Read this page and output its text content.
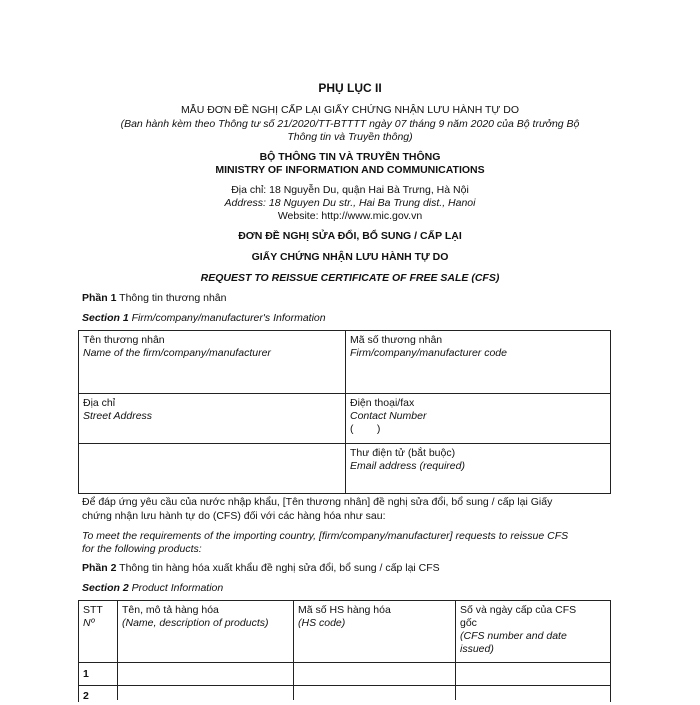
PHỤ LỤC II
MẪU ĐƠN ĐỀ NGHỊ CẤP LẠI GIẤY CHỨNG NHẬN LƯU HÀNH TỰ DO
(Ban hành kèm theo Thông tư số 21/2020/TT-BTTTT ngày 07 tháng 9 năm 2020 của Bộ trưởng Bộ
Thông tin và Truyền thông)
BỘ THÔNG TIN VÀ TRUYỀN THÔNG
MINISTRY OF INFORMATION AND COMMUNICATIONS
Địa chỉ: 18 Nguyễn Du, quận Hai Bà Trưng, Hà Nội
Address: 18 Nguyen Du str., Hai Ba Trung dist., Hanoi
Website: http://www.mic.gov.vn
ĐƠN ĐỀ NGHỊ SỬA ĐỔI, BỔ SUNG / CẤP LẠI
GIẤY CHỨNG NHẬN LƯU HÀNH TỰ DO
REQUEST TO REISSUE CERTIFICATE OF FREE SALE (CFS)
Phần 1 Thông tin thương nhân
Section 1 Firm/company/manufacturer's Information
Tên thương nhân
Name of the firm/company/manufacturer
Mã số thương nhân
Firm/company/manufacturer code
Địa chỉ
Street Address
Điện thoại/fax
Contact Number
(        )
Thư điện tử (bắt buộc)
Email address (required)
Để đáp ứng yêu cầu của nước nhập khẩu, [Tên thương nhân] đề nghị sửa đổi, bổ sung / cấp lại Giấy
chứng nhận lưu hành tự do (CFS) đối với các hàng hóa như sau:
To meet the requirements of the importing country, [firm/company/manufacturer] requests to reissue CFS
for the following products:
Phần 2 Thông tin hàng hóa xuất khẩu đề nghị sửa đổi, bổ sung / cấp lại CFS
Section 2 Product Information
STT
Nº
Tên, mô tả hàng hóa
(Name, description of products)
Mã số HS hàng hóa
(HS code)
Số và ngày cấp của CFS
gốc
(CFS number and date
issued)
1
2
